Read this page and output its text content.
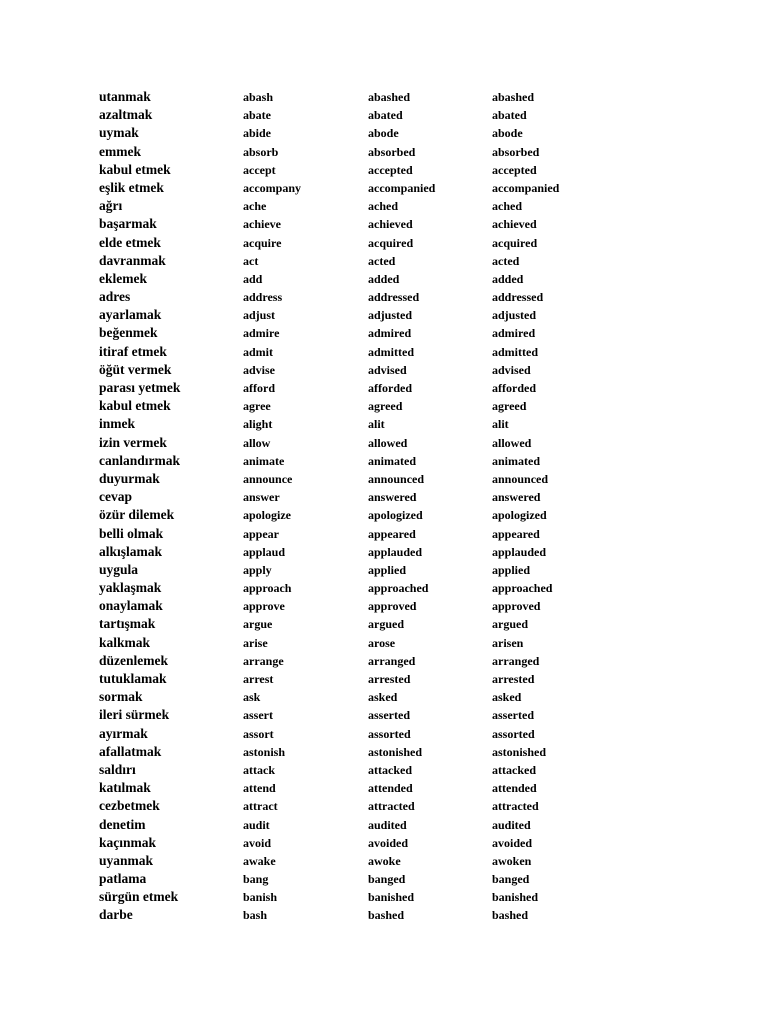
utanmak	abash	abashed	abashed
azaltmak	abate	abated	abated
uymak	abide	abode	abode
emmek	absorb	absorbed	absorbed
kabul etmek	accept	accepted	accepted
eşlik etmek	accompany	accompanied	accompanied
ağrı	ache	ached	ached
başarmak	achieve	achieved	achieved
elde etmek	acquire	acquired	acquired
davranmak	act	acted	acted
eklemek	add	added	added
adres	address	addressed	addressed
ayarlamak	adjust	adjusted	adjusted
beğenmek	admire	admired	admired
itiraf etmek	admit	admitted	admitted
öğüt vermek	advise	advised	advised
parası yetmek	afford	afforded	afforded
kabul etmek	agree	agreed	agreed
inmek	alight	alit	alit
izin vermek	allow	allowed	allowed
canlandırmak	animate	animated	animated
duyurmak	announce	announced	announced
cevap	answer	answered	answered
özür dilemek	apologize	apologized	apologized
belli olmak	appear	appeared	appeared
alkışlamak	applaud	applauded	applauded
uygula	apply	applied	applied
yaklaşmak	approach	approached	approached
onaylamak	approve	approved	approved
tartışmak	argue	argued	argued
kalkmak	arise	arose	arisen
düzenlemek	arrange	arranged	arranged
tutuklamak	arrest	arrested	arrested
sormak	ask	asked	asked
ileri sürmek	assert	asserted	asserted
ayırmak	assort	assorted	assorted
afallatmak	astonish	astonished	astonished
saldırı	attack	attacked	attacked
katılmak	attend	attended	attended
cezbetmek	attract	attracted	attracted
denetim	audit	audited	audited
kaçınmak	avoid	avoided	avoided
uyanmak	awake	awoke	awoken
patlama	bang	banged	banged
sürgün etmek	banish	banished	banished
darbe	bash	bashed	bashed
